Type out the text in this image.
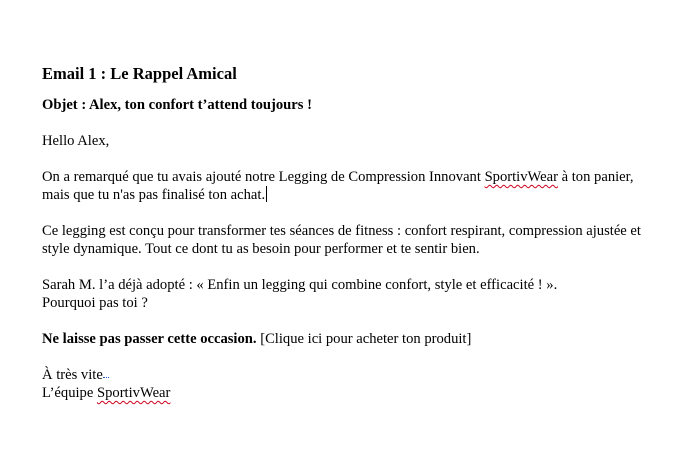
Email 1 : Le Rappel Amical
Objet : Alex, ton confort t’attend toujours !

Hello Alex,

On a remarqué que tu avais ajouté notre Legging de Compression Innovant SportivWear à ton panier, mais que tu n'as pas finalisé ton achat.

Ce legging est conçu pour transformer tes séances de fitness : confort respirant, compression ajustée et style dynamique. Tout ce dont tu as besoin pour performer et te sentir bien.

Sarah M. l’a déjà adopté : « Enfin un legging qui combine confort, style et efficacité ! ».
Pourquoi pas toi ?

Ne laisse pas passer cette occasion. [Clique ici pour acheter ton produit]

À très vite
L’équipe SportivWear
